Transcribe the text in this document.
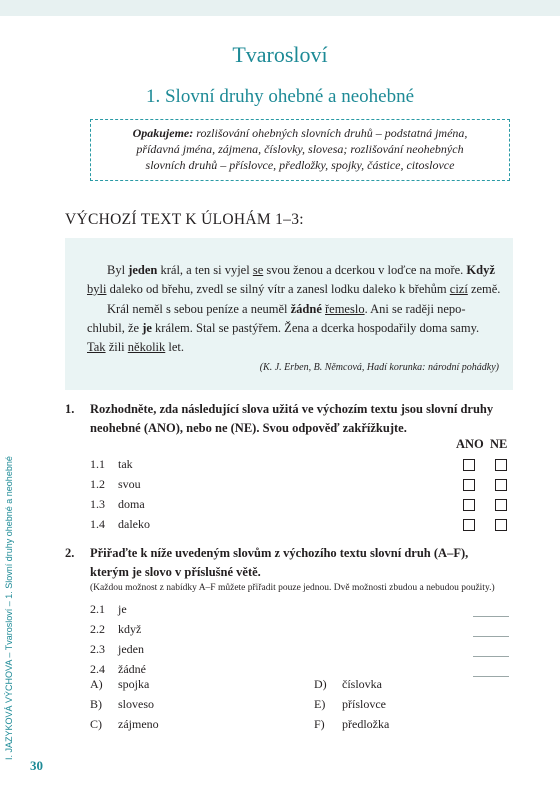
Tvarosloví
1. Slovní druhy ohebné a neohebné
Opakujeme: rozlišování ohebných slovních druhů – podstatná jména,
přídavná jména, zájmena, číslovky, slovesa; rozlišování neohebných
slovních druhů – příslovce, předložky, spojky, částice, citoslovce
VÝCHOZÍ TEXT K ÚLOHÁM 1–3:
Byl jeden král, a ten si vyjel se svou ženou a dcerkou v loďce na moře. Když
byli daleko od břehu, zvedl se silný vítr a zanesl lodku daleko k břehům cizí země.
Král neměl s sebou peníze a neuměl žádné řemeslo. Ani se raději nepo-
chlubil, že je králem. Stal se pastýřem. Žena a dcerka hospodařily doma samy.
Tak žili několik let.
(K. J. Erben, B. Němcová, Hadí korunka: národní pohádky)
1. Rozhodněte, zda následující slova užitá ve výchozím textu jsou slovní druhy
neohebné (ANO), nebo ne (NE). Svou odpověď zakřížkujte.
ANO NE
1.1 tak
1.2 svou
1.3 doma
1.4 daleko
2. Přiřaďte k níže uvedeným slovům z výchozího textu slovní druh (A–F),
kterým je slovo v příslušné větě.
(Každou možnost z nabídky A–F můžete přiřadit pouze jednou. Dvě možnosti zbudou a nebudou použity.)
2.1 je
2.2 když
2.3 jeden
2.4 žádné
A) spojka
B) sloveso
C) zájmeno
D) číslovka
E) příslovce
F) předložka
30
I. JAZYKOVÁ VÝCHOVA – Tvarosloví – 1. Slovní druhy ohebné a neohebné
